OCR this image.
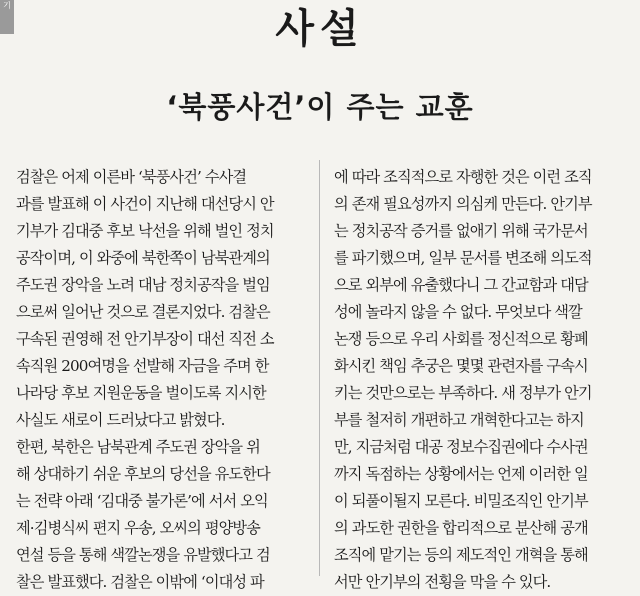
기
사설
‘북풍사건’이 주는 교훈
검찰은 어제 이른바 ‘북풍사건’ 수사결
과를 발표해 이 사건이 지난해 대선당시 안
기부가 김대중 후보 낙선을 위해 벌인 정치
공작이며, 이 와중에 북한쪽이 남북관계의
주도권 장악을 노려 대남 정치공작을 벌임
으로써 일어난 것으로 결론지었다. 검찰은
구속된 권영해 전 안기부장이 대선 직전 소
속직원 200여명을 선발해 자금을 주며 한
나라당 후보 지원운동을 벌이도록 지시한
사실도 새로이 드러났다고 밝혔다.
한편, 북한은 남북관계 주도권 장악을 위
해 상대하기 쉬운 후보의 당선을 유도한다
는 전략 아래 ‘김대중 불가론’에 서서 오익
제·김병식씨 편지 우송, 오씨의 평양방송
연설 등을 통해 색깔논쟁을 유발했다고 검
찰은 발표했다. 검찰은 이밖에 ‘이대성 파
에 따라 조직적으로 자행한 것은 이런 조직
의 존재 필요성까지 의심케 만든다. 안기부
는 정치공작 증거를 없애기 위해 국가문서
를 파기했으며, 일부 문서를 변조해 의도적
으로 외부에 유출했다니 그 간교함과 대담
성에 놀라지 않을 수 없다. 무엇보다 색깔
논쟁 등으로 우리 사회를 정신적으로 황폐
화시킨 책임 추궁은 몇몇 관련자를 구속시
키는 것만으로는 부족하다. 새 정부가 안기
부를 철저히 개편하고 개혁한다고는 하지
만, 지금처럼 대공 정보수집권에다 수사권
까지 독점하는 상황에서는 언제 이러한 일
이 되풀이될지 모른다. 비밀조직인 안기부
의 과도한 권한을 합리적으로 분산해 공개
조직에 맡기는 등의 제도적인 개혁을 통해
서만 안기부의 전횡을 막을 수 있다.
